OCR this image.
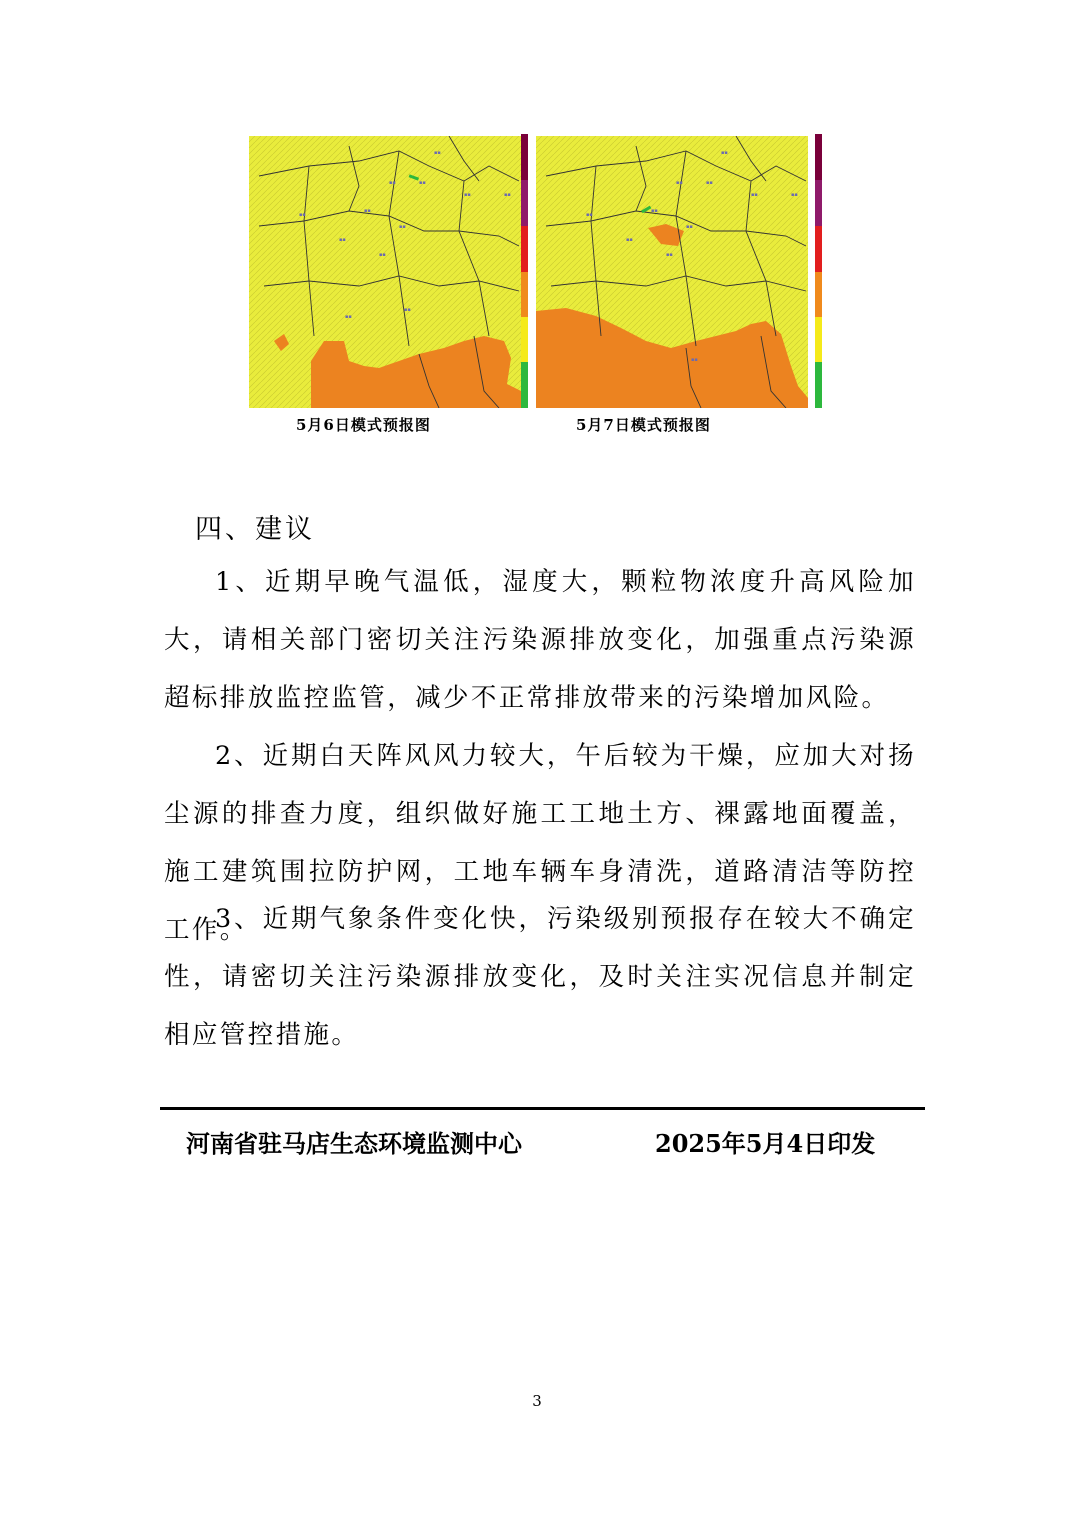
▪▪
▪▪
▪▪
▪▪
▪▪
▪▪
▪▪
▪▪
▪▪
▪▪
▪▪
▪▪
▪▪
▪▪
▪▪
▪▪
▪▪
▪▪
▪▪
▪▪
▪▪
▪▪
▪▪
5月6日模式预报图	5月7日模式预报图
四、建议

1、近期早晚气温低，湿度大，颗粒物浓度升高风险加大，请相关部门密切关注污染源排放变化，加强重点污染源超标排放监控监管，减少不正常排放带来的污染增加风险。

2、近期白天阵风风力较大，午后较为干燥，应加大对扬尘源的排查力度，组织做好施工工地土方、裸露地面覆盖，施工建筑围拉防护网，工地车辆车身清洗，道路清洁等防控工作。

3、近期气象条件变化快，污染级别预报存在较大不确定性，请密切关注污染源排放变化，及时关注实况信息并制定相应管控措施。

河南省驻马店生态环境监测中心	2025年5月4日印发
3
